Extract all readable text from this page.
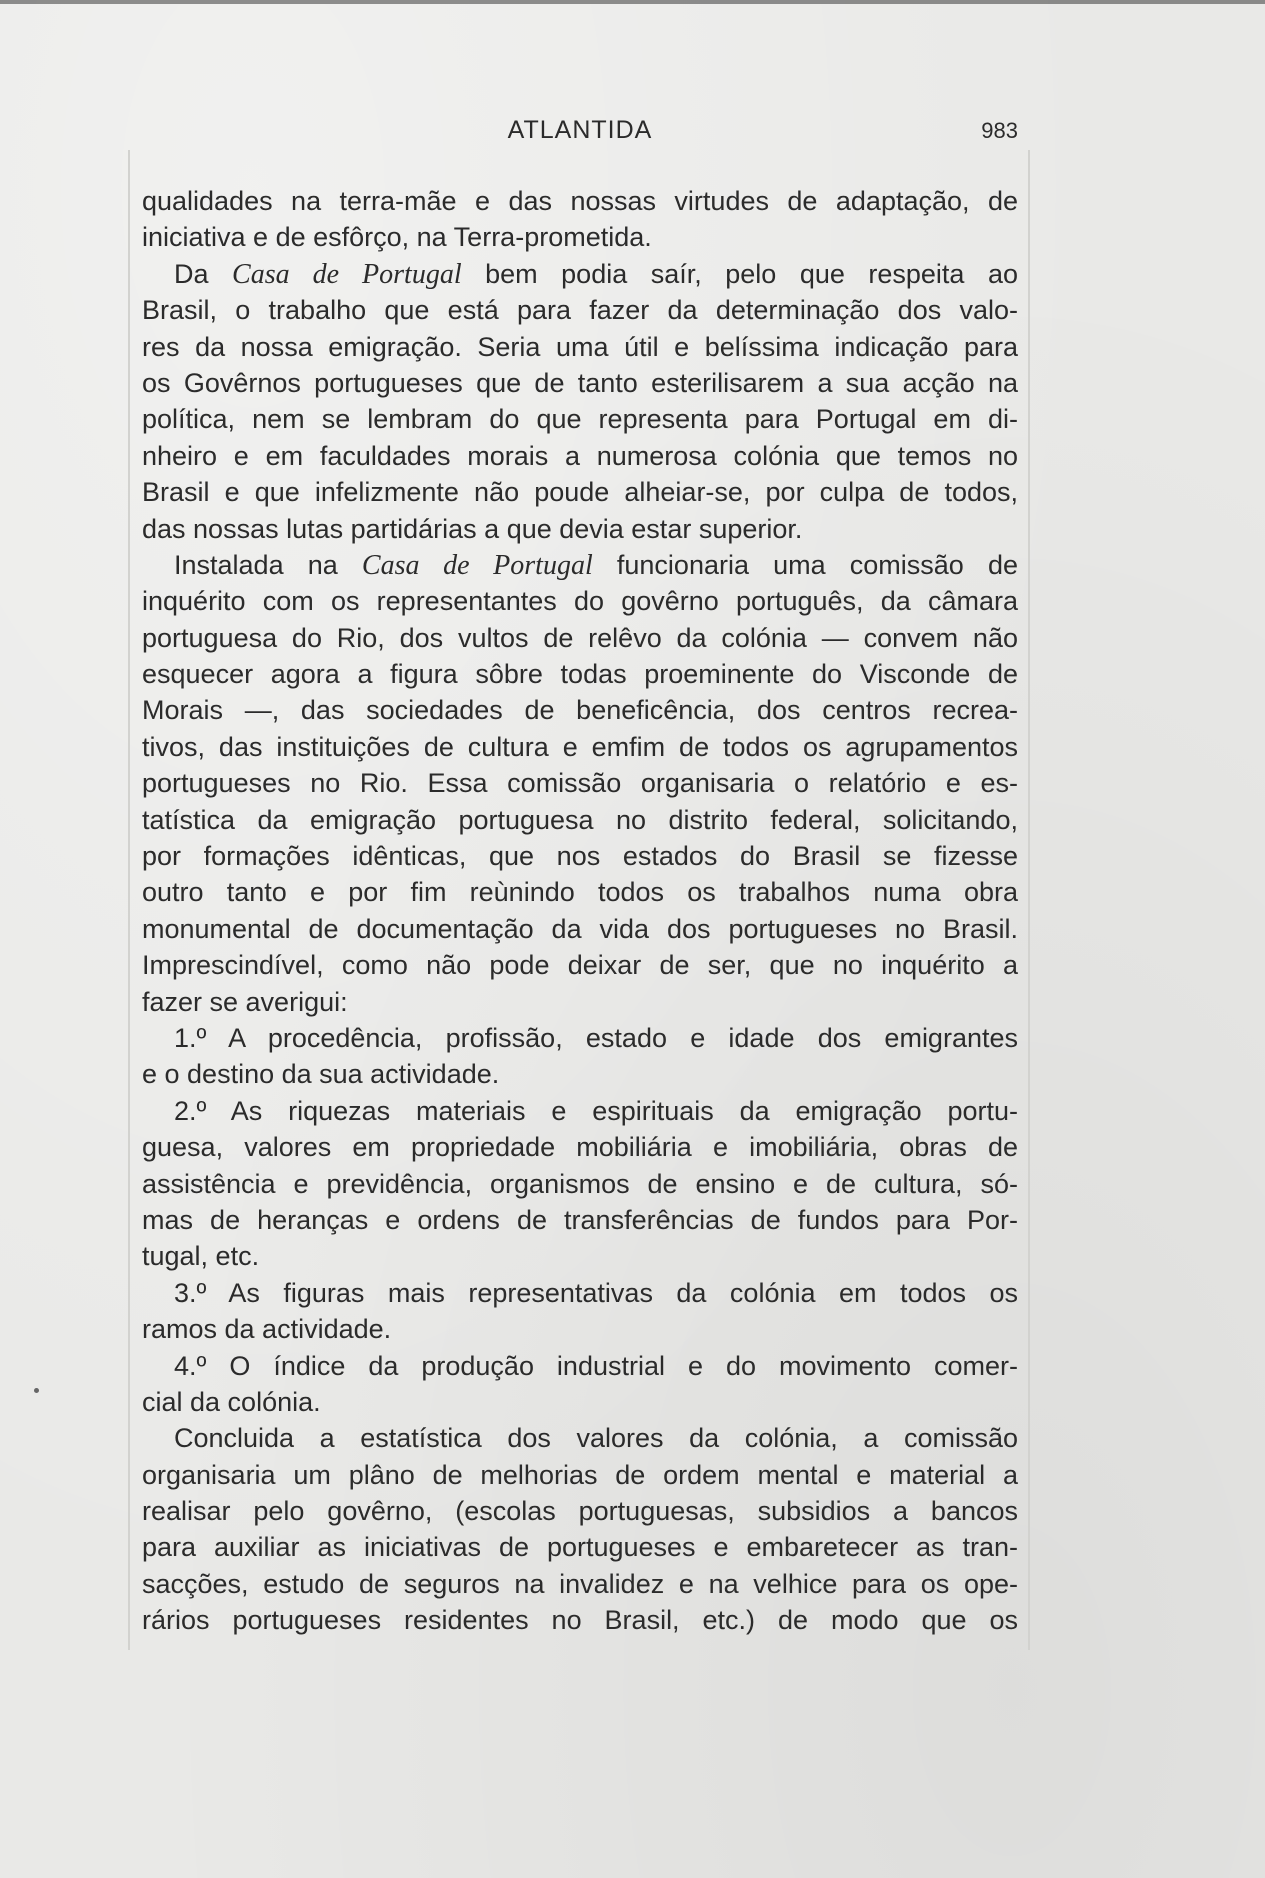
ATLANTIDA	983
qualidades na terra-mãe e das nossas virtudes de adaptação, de
iniciativa e de esfôrço, na Terra-prometida.
Da Casa de Portugal bem podia saír, pelo que respeita ao
Brasil, o trabalho que está para fazer da determinação dos valo-
res da nossa emigração. Seria uma útil e belíssima indicação para
os Govêrnos portugueses que de tanto esterilisarem a sua acção na
política, nem se lembram do que representa para Portugal em di-
nheiro e em faculdades morais a numerosa colónia que temos no
Brasil e que infelizmente não poude alheiar-se, por culpa de todos,
das nossas lutas partidárias a que devia estar superior.
Instalada na Casa de Portugal funcionaria uma comissão de
inquérito com os representantes do govêrno português, da câmara
portuguesa do Rio, dos vultos de relêvo da colónia — convem não
esquecer agora a figura sôbre todas proeminente do Visconde de
Morais —, das sociedades de beneficência, dos centros recrea-
tivos, das instituições de cultura e emfim de todos os agrupamentos
portugueses no Rio. Essa comissão organisaria o relatório e es-
tatística da emigração portuguesa no distrito federal, solicitando,
por formações idênticas, que nos estados do Brasil se fizesse
outro tanto e por fim reùnindo todos os trabalhos numa obra
monumental de documentação da vida dos portugueses no Brasil.
Imprescindível, como não pode deixar de ser, que no inquérito a
fazer se averigui:
1.º A procedência, profissão, estado e idade dos emigrantes
e o destino da sua actividade.
2.º As riquezas materiais e espirituais da emigração portu-
guesa, valores em propriedade mobiliária e imobiliária, obras de
assistência e previdência, organismos de ensino e de cultura, só-
mas de heranças e ordens de transferências de fundos para Por-
tugal, etc.
3.º As figuras mais representativas da colónia em todos os
ramos da actividade.
4.º O índice da produção industrial e do movimento comer-
cial da colónia.
Concluida a estatística dos valores da colónia, a comissão
organisaria um plâno de melhorias de ordem mental e material a
realisar pelo govêrno, (escolas portuguesas, subsidios a bancos
para auxiliar as iniciativas de portugueses e embaretecer as tran-
sacções, estudo de seguros na invalidez e na velhice para os ope-
rários portugueses residentes no Brasil, etc.) de modo que os
